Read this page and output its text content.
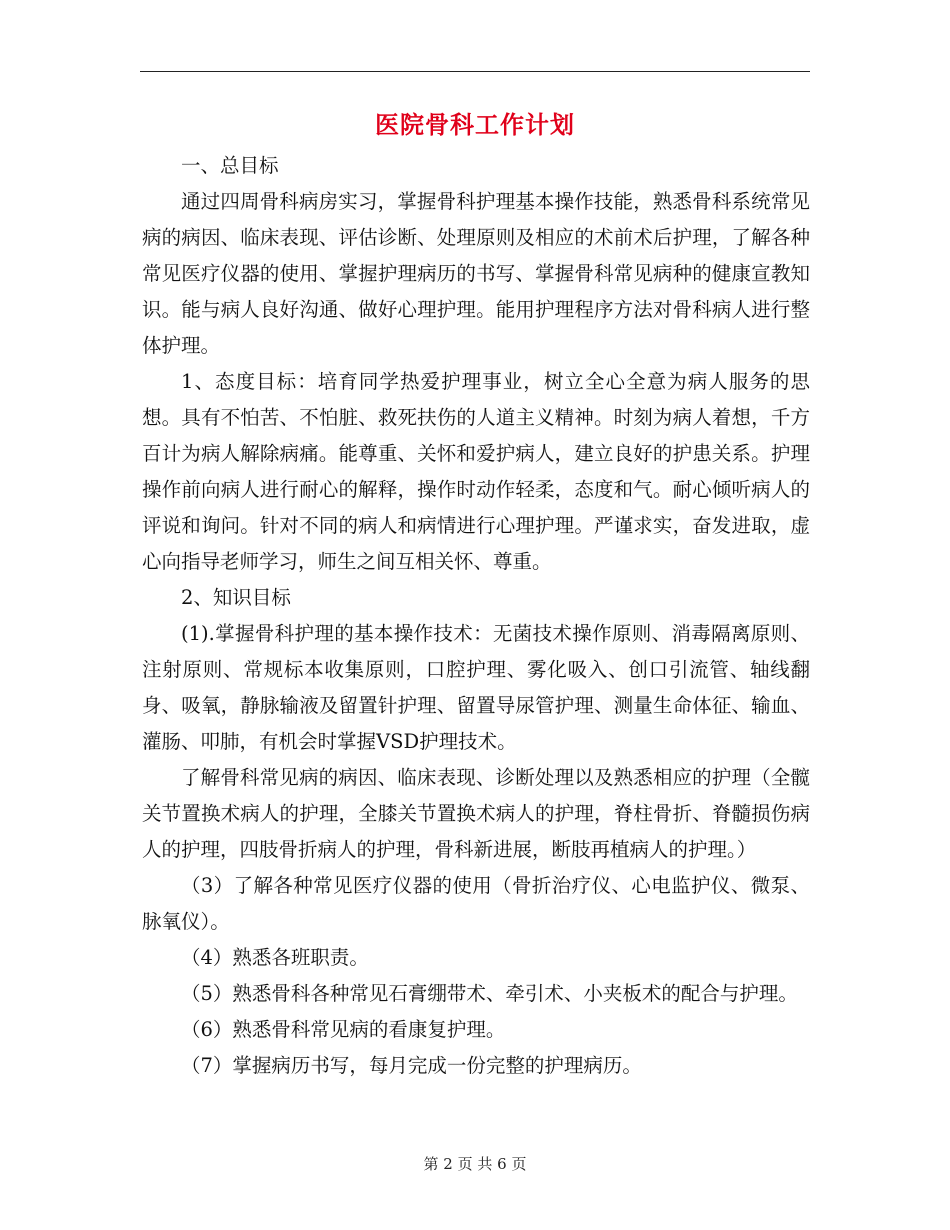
医院骨科工作计划

一、总目标

通过四周骨科病房实习，掌握骨科护理基本操作技能，熟悉骨科系统常见病的病因、临床表现、评估诊断、处理原则及相应的术前术后护理，了解各种常见医疗仪器的使用、掌握护理病历的书写、掌握骨科常见病种的健康宣教知识。能与病人良好沟通、做好心理护理。能用护理程序方法对骨科病人进行整体护理。

1、态度目标：培育同学热爱护理事业，树立全心全意为病人服务的思想。具有不怕苦、不怕脏、救死扶伤的人道主义精神。时刻为病人着想，千方百计为病人解除病痛。能尊重、关怀和爱护病人，建立良好的护患关系。护理操作前向病人进行耐心的解释，操作时动作轻柔，态度和气。耐心倾听病人的评说和询问。针对不同的病人和病情进行心理护理。严谨求实，奋发进取，虚心向指导老师学习，师生之间互相关怀、尊重。

2、知识目标

(1).掌握骨科护理的基本操作技术：无菌技术操作原则、消毒隔离原则、注射原则、常规标本收集原则，口腔护理、雾化吸入、创口引流管、轴线翻身、吸氧，静脉输液及留置针护理、留置导尿管护理、测量生命体征、输血、灌肠、叩肺，有机会时掌握VSD护理技术。

了解骨科常见病的病因、临床表现、诊断处理以及熟悉相应的护理（全髋关节置换术病人的护理，全膝关节置换术病人的护理，脊柱骨折、脊髓损伤病人的护理，四肢骨折病人的护理，骨科新进展，断肢再植病人的护理。）

（3）了解各种常见医疗仪器的使用（骨折治疗仪、心电监护仪、微泵、脉氧仪）。

（4）熟悉各班职责。

（5）熟悉骨科各种常见石膏绷带术、牵引术、小夹板术的配合与护理。

（6）熟悉骨科常见病的看康复护理。

（7）掌握病历书写，每月完成一份完整的护理病历。

第 2 页 共 6 页
